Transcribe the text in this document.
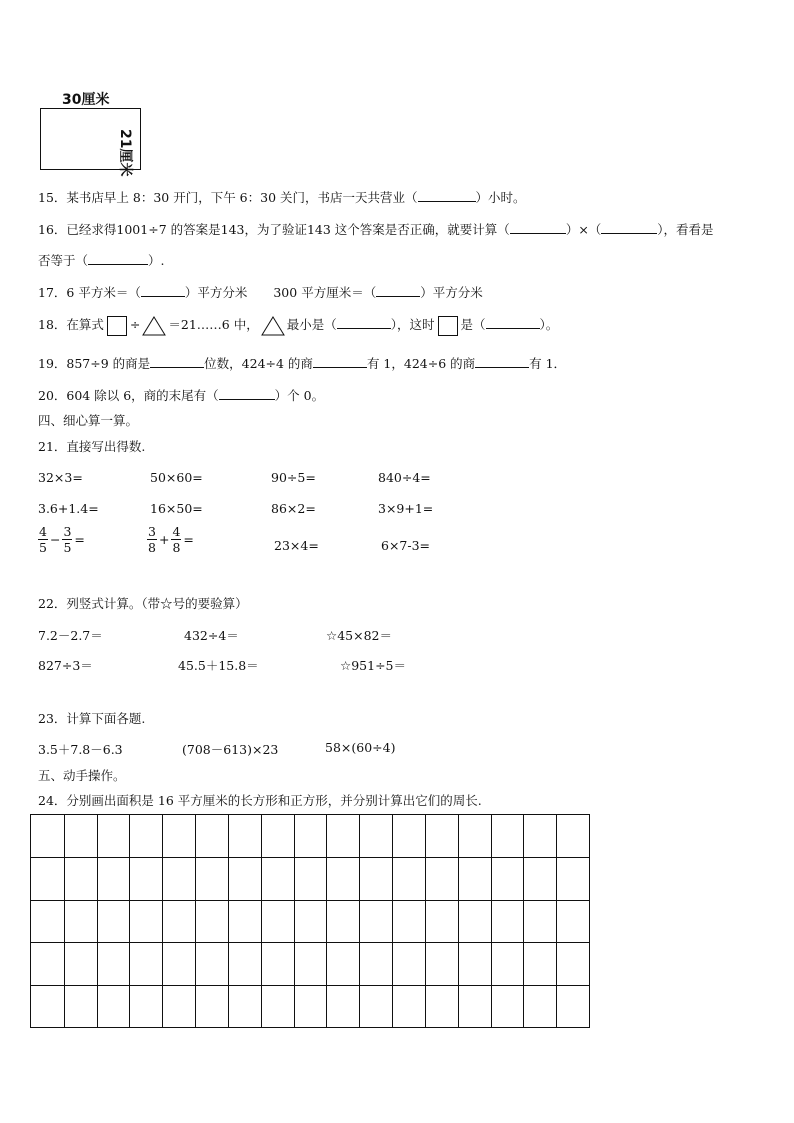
30厘米
21厘米
15．某书店早上 8：30 开门，下午 6：30 关门，书店一天共营业（	）小时。
16．已经求得1001÷7 的答案是143，为了验证143 这个答案是否正确，就要计算（	）×（	），看看是
否等于（	）.
17．6 平方米＝（	）平方分米 300 平方厘米＝（	）平方分米
18．在算式 ÷ ＝21……6 中， 最小是（	），这时 是（	）。
19．857÷9 的商是	位数，424÷4 的商	有 1，424÷6 的商	有 1．
20．604 除以 6，商的末尾有（	）个 0。
四、细心算一算。
21．直接写出得数.
32×3=	50×60=	90÷5=	840÷4=
3.6+1.4=	16×50=	86×2=	3×9+1=
$\frac{4}{5} - \frac{3}{5}$ =	$\frac{3}{8} + \frac{4}{8}$ =	23×4=	6×7-3=
22．列竖式计算。（带☆号的要验算）
7.2－2.7＝	432÷4＝	☆45×82＝
827÷3＝	45.5＋15.8＝	☆951÷5＝
23．计算下面各题.
3.5＋7.8－6.3	(708－613)×23	58×(60÷4)
五、动手操作。
24．分别画出面积是 16 平方厘米的长方形和正方形，并分别计算出它们的周长.
